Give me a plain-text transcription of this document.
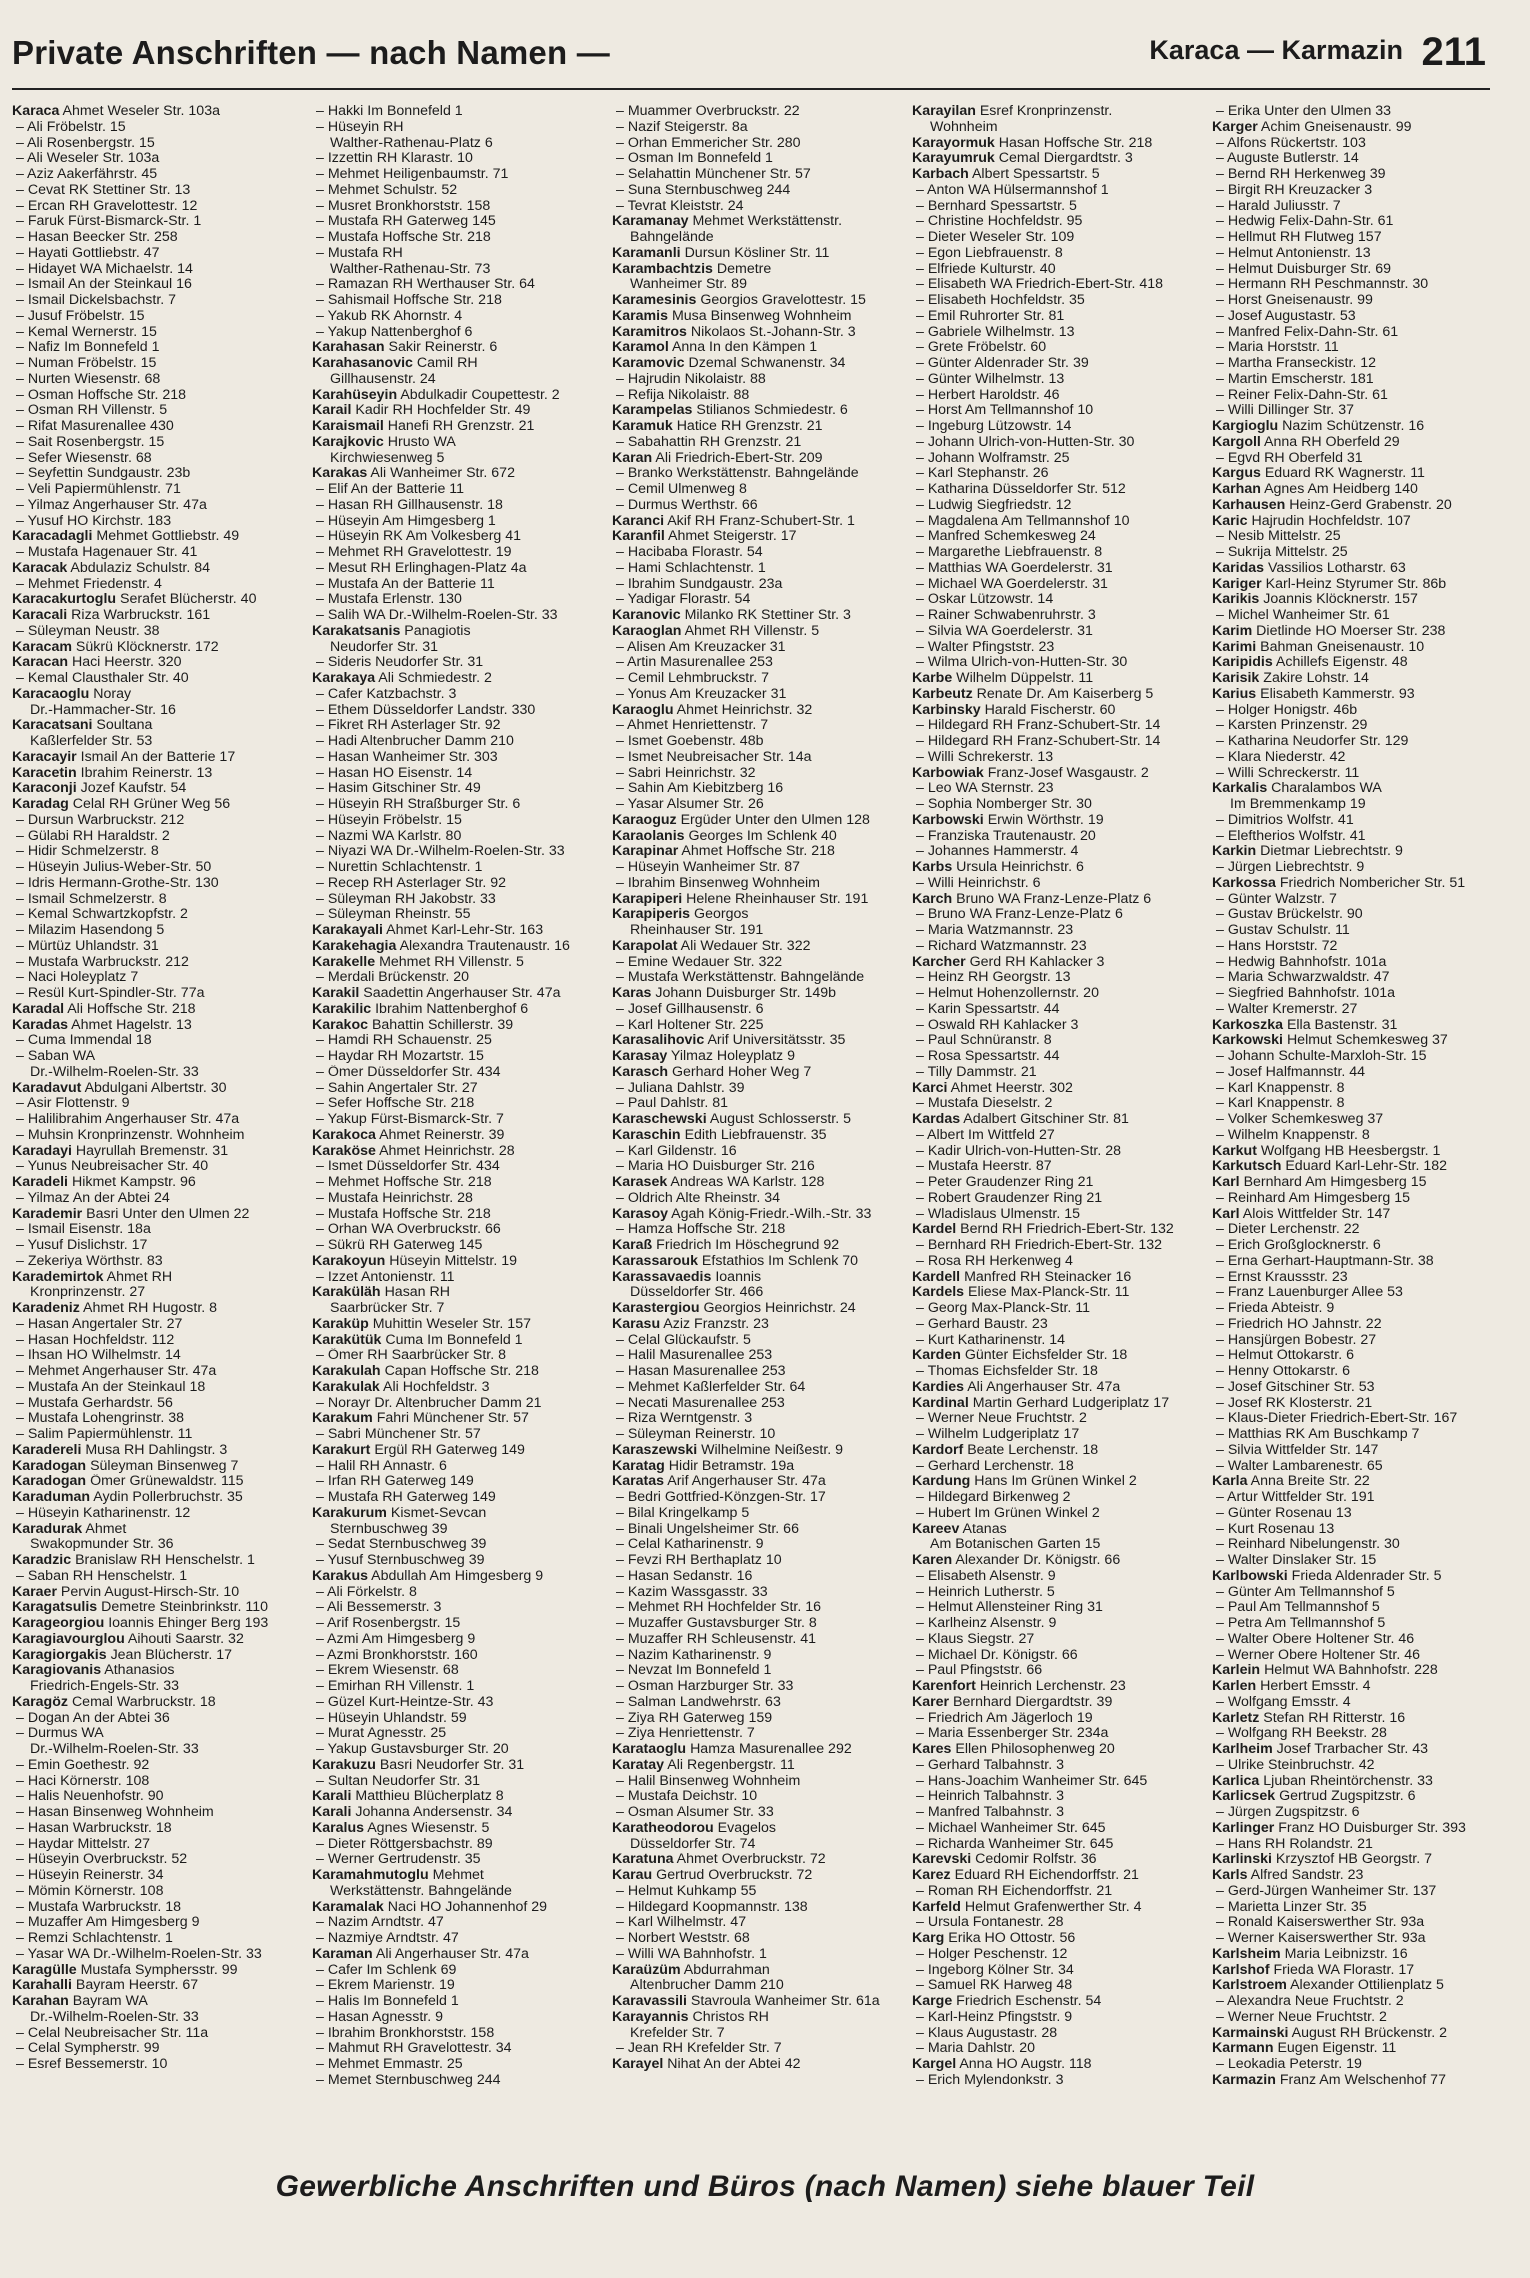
Private Anschriften — nach Namen —	Karaca — Karmazin 211
Karaca Ahmet Weseler Str. 103a
– Ali Fröbelstr. 15
– Ali Rosenbergstr. 15
– Ali Weseler Str. 103a
– Aziz Aakerfährstr. 45
– Cevat RK Stettiner Str. 13
– Ercan RH Gravelottestr. 12
– Faruk Fürst-Bismarck-Str. 1
– Hasan Beecker Str. 258
– Hayati Gottliebstr. 47
– Hidayet WA Michaelstr. 14
– Ismail An der Steinkaul 16
– Ismail Dickelsbachstr. 7
– Jusuf Fröbelstr. 15
– Kemal Wernerstr. 15
– Nafiz Im Bonnefeld 1
– Numan Fröbelstr. 15
– Nurten Wiesenstr. 68
– Osman Hoffsche Str. 218
– Osman RH Villenstr. 5
– Rifat Masurenallee 430
– Sait Rosenbergstr. 15
– Sefer Wiesenstr. 68
– Seyfettin Sundgaustr. 23b
– Veli Papiermühlenstr. 71
– Yilmaz Angerhauser Str. 47a
– Yusuf HO Kirchstr. 183
Karacadagli Mehmet Gottliebstr. 49
– Mustafa Hagenauer Str. 41
Karacak Abdulaziz Schulstr. 84
– Mehmet Friedenstr. 4
Karacakurtoglu Serafet Blücherstr. 40
Karacali Riza Warbruckstr. 161
– Süleyman Neustr. 38
Karacam Sükrü Klöcknerstr. 172
Karacan Haci Heerstr. 320
– Kemal Clausthaler Str. 40
Karacaoglu Noray
Dr.-Hammacher-Str. 16
Karacatsani Soultana
Kaßlerfelder Str. 53
Karacayir Ismail An der Batterie 17
Karacetin Ibrahim Reinerstr. 13
Karaconji Jozef Kaufstr. 54
Karadag Celal RH Grüner Weg 56
– Dursun Warbruckstr. 212
– Gülabi RH Haraldstr. 2
– Hidir Schmelzerstr. 8
– Hüseyin Julius-Weber-Str. 50
– Idris Hermann-Grothe-Str. 130
– Ismail Schmelzerstr. 8
– Kemal Schwartzkopfstr. 2
– Milazim Hasendong 5
– Mürtüz Uhlandstr. 31
– Mustafa Warbruckstr. 212
– Naci Holeyplatz 7
– Resül Kurt-Spindler-Str. 77a
Karadal Ali Hoffsche Str. 218
Karadas Ahmet Hagelstr. 13
– Cuma Immendal 18
– Saban WA
Dr.-Wilhelm-Roelen-Str. 33
Karadavut Abdulgani Albertstr. 30
– Asir Flottenstr. 9
– Halilibrahim Angerhauser Str. 47a
– Muhsin Kronprinzenstr. Wohnheim
Karadayi Hayrullah Bremenstr. 31
– Yunus Neubreisacher Str. 40
Karadeli Hikmet Kampstr. 96
– Yilmaz An der Abtei 24
Karademir Basri Unter den Ulmen 22
– Ismail Eisenstr. 18a
– Yusuf Dislichstr. 17
– Zekeriya Wörthstr. 83
Karademirtok Ahmet RH
Kronprinzenstr. 27
Karadeniz Ahmet RH Hugostr. 8
– Hasan Angertaler Str. 27
– Hasan Hochfeldstr. 112
– Ihsan HO Wilhelmstr. 14
– Mehmet Angerhauser Str. 47a
– Mustafa An der Steinkaul 18
– Mustafa Gerhardstr. 56
– Mustafa Lohengrinstr. 38
– Salim Papiermühlenstr. 11
Karadereli Musa RH Dahlingstr. 3
Karadogan Süleyman Binsenweg 7
Karadogan Ömer Grünewaldstr. 115
Karaduman Aydin Pollerbruchstr. 35
– Hüseyin Katharinenstr. 12
Karadurak Ahmet
Swakopmunder Str. 36
Karadzic Branislaw RH Henschelstr. 1
– Saban RH Henschelstr. 1
Karaer Pervin August-Hirsch-Str. 10
Karagatsulis Demetre Steinbrinkstr. 110
Karageorgiou Ioannis Ehinger Berg 193
Karagiavourglou Aihouti Saarstr. 32
Karagiorgakis Jean Blücherstr. 17
Karagiovanis Athanasios
Friedrich-Engels-Str. 33
Karagöz Cemal Warbruckstr. 18
– Dogan An der Abtei 36
– Durmus WA
Dr.-Wilhelm-Roelen-Str. 33
– Emin Goethestr. 92
– Haci Körnerstr. 108
– Halis Neuenhofstr. 90
– Hasan Binsenweg Wohnheim
– Hasan Warbruckstr. 18
– Haydar Mittelstr. 27
– Hüseyin Overbruckstr. 52
– Hüseyin Reinerstr. 34
– Mömin Körnerstr. 108
– Mustafa Warbruckstr. 18
– Muzaffer Am Himgesberg 9
– Remzi Schlachtenstr. 1
– Yasar WA Dr.-Wilhelm-Roelen-Str. 33
Karagülle Mustafa Symphersstr. 99
Karahalli Bayram Heerstr. 67
Karahan Bayram WA
Dr.-Wilhelm-Roelen-Str. 33
– Celal Neubreisacher Str. 11a
– Celal Sympherstr. 99
– Esref Bessemerstr. 10
– Hakki Im Bonnefeld 1
– Hüseyin RH
Walther-Rathenau-Platz 6
– Izzettin RH Klarastr. 10
– Mehmet Heiligenbaumstr. 71
– Mehmet Schulstr. 52
– Musret Bronkhorststr. 158
– Mustafa RH Gaterweg 145
– Mustafa Hoffsche Str. 218
– Mustafa RH
Walther-Rathenau-Str. 73
– Ramazan RH Werthauser Str. 64
– Sahismail Hoffsche Str. 218
– Yakub RK Ahornstr. 4
– Yakup Nattenberghof 6
Karahasan Sakir Reinerstr. 6
Karahasanovic Camil RH
Gillhausenstr. 24
Karahüseyin Abdulkadir Coupettestr. 2
Karail Kadir RH Hochfelder Str. 49
Karaismail Hanefi RH Grenzstr. 21
Karajkovic Hrusto WA
Kirchwiesenweg 5
Karakas Ali Wanheimer Str. 672
– Elif An der Batterie 11
– Hasan RH Gillhausenstr. 18
– Hüseyin Am Himgesberg 1
– Hüseyin RK Am Volkesberg 41
– Mehmet RH Gravelottestr. 19
– Mesut RH Erlinghagen-Platz 4a
– Mustafa An der Batterie 11
– Mustafa Erlenstr. 130
– Salih WA Dr.-Wilhelm-Roelen-Str. 33
Karakatsanis Panagiotis
Neudorfer Str. 31
– Sideris Neudorfer Str. 31
Karakaya Ali Schmiedestr. 2
– Cafer Katzbachstr. 3
– Ethem Düsseldorfer Landstr. 330
– Fikret RH Asterlager Str. 92
– Hadi Altenbrucher Damm 210
– Hasan Wanheimer Str. 303
– Hasan HO Eisenstr. 14
– Hasim Gitschiner Str. 49
– Hüseyin RH Straßburger Str. 6
– Hüseyin Fröbelstr. 15
– Nazmi WA Karlstr. 80
– Niyazi WA Dr.-Wilhelm-Roelen-Str. 33
– Nurettin Schlachtenstr. 1
– Recep RH Asterlager Str. 92
– Süleyman RH Jakobstr. 33
– Süleyman Rheinstr. 55
Karakayali Ahmet Karl-Lehr-Str. 163
Karakehagia Alexandra Trautenaustr. 16
Karakelle Mehmet RH Villenstr. 5
– Merdali Brückenstr. 20
Karakil Saadettin Angerhauser Str. 47a
Karakilic Ibrahim Nattenberghof 6
Karakoc Bahattin Schillerstr. 39
– Hamdi RH Schauenstr. 25
– Haydar RH Mozartstr. 15
– Ömer Düsseldorfer Str. 434
– Sahin Angertaler Str. 27
– Sefer Hoffsche Str. 218
– Yakup Fürst-Bismarck-Str. 7
Karakoca Ahmet Reinerstr. 39
Karaköse Ahmet Heinrichstr. 28
– Ismet Düsseldorfer Str. 434
– Mehmet Hoffsche Str. 218
– Mustafa Heinrichstr. 28
– Mustafa Hoffsche Str. 218
– Orhan WA Overbruckstr. 66
– Sükrü RH Gaterweg 145
Karakoyun Hüseyin Mittelstr. 19
– Izzet Antonienstr. 11
Karaküläh Hasan RH
Saarbrücker Str. 7
Karaküp Muhittin Weseler Str. 157
Karakütük Cuma Im Bonnefeld 1
– Ömer RH Saarbrücker Str. 8
Karakulah Capan Hoffsche Str. 218
Karakulak Ali Hochfeldstr. 3
– Norayr Dr. Altenbrucher Damm 21
Karakum Fahri Münchener Str. 57
– Sabri Münchener Str. 57
Karakurt Ergül RH Gaterweg 149
– Halil RH Annastr. 6
– Irfan RH Gaterweg 149
– Mustafa RH Gaterweg 149
Karakurum Kismet-Sevcan
Sternbuschweg 39
– Sedat Sternbuschweg 39
– Yusuf Sternbuschweg 39
Karakus Abdullah Am Himgesberg 9
– Ali Förkelstr. 8
– Ali Bessemerstr. 3
– Arif Rosenbergstr. 15
– Azmi Am Himgesberg 9
– Azmi Bronkhorststr. 160
– Ekrem Wiesenstr. 68
– Emirhan RH Villenstr. 1
– Güzel Kurt-Heintze-Str. 43
– Hüseyin Uhlandstr. 59
– Murat Agnesstr. 25
– Yakup Gustavsburger Str. 20
Karakuzu Basri Neudorfer Str. 31
– Sultan Neudorfer Str. 31
Karali Matthieu Blücherplatz 8
Karali Johanna Andersenstr. 34
Karalus Agnes Wiesenstr. 5
– Dieter Röttgersbachstr. 89
– Werner Gertrudenstr. 35
Karamahmutoglu Mehmet
Werkstättenstr. Bahngelände
Karamalak Naci HO Johannenhof 29
– Nazim Arndtstr. 47
– Nazmiye Arndtstr. 47
Karaman Ali Angerhauser Str. 47a
– Cafer Im Schlenk 69
– Ekrem Marienstr. 19
– Halis Im Bonnefeld 1
– Hasan Agnesstr. 9
– Ibrahim Bronkhorststr. 158
– Mahmut RH Gravelottestr. 34
– Mehmet Emmastr. 25
– Memet Sternbuschweg 244
– Muammer Overbruckstr. 22
– Nazif Steigerstr. 8a
– Orhan Emmericher Str. 280
– Osman Im Bonnefeld 1
– Selahattin Münchener Str. 57
– Suna Sternbuschweg 244
– Tevrat Kleiststr. 24
Karamanay Mehmet Werkstättenstr.
Bahngelände
Karamanli Dursun Kösliner Str. 11
Karambachtzis Demetre
Wanheimer Str. 89
Karamesinis Georgios Gravelottestr. 15
Karamis Musa Binsenweg Wohnheim
Karamitros Nikolaos St.-Johann-Str. 3
Karamol Anna In den Kämpen 1
Karamovic Dzemal Schwanenstr. 34
– Hajrudin Nikolaistr. 88
– Refija Nikolaistr. 88
Karampelas Stilianos Schmiedestr. 6
Karamuk Hatice RH Grenzstr. 21
– Sabahattin RH Grenzstr. 21
Karan Ali Friedrich-Ebert-Str. 209
– Branko Werkstättenstr. Bahngelände
– Cemil Ulmenweg 8
– Durmus Werthstr. 66
Karanci Akif RH Franz-Schubert-Str. 1
Karanfil Ahmet Steigerstr. 17
– Hacibaba Florastr. 54
– Hami Schlachtenstr. 1
– Ibrahim Sundgaustr. 23a
– Yadigar Florastr. 54
Karanovic Milanko RK Stettiner Str. 3
Karaoglan Ahmet RH Villenstr. 5
– Alisen Am Kreuzacker 31
– Artin Masurenallee 253
– Cemil Lehmbruckstr. 7
– Yonus Am Kreuzacker 31
Karaoglu Ahmet Heinrichstr. 32
– Ahmet Henriettenstr. 7
– Ismet Goebenstr. 48b
– Ismet Neubreisacher Str. 14a
– Sabri Heinrichstr. 32
– Sahin Am Kiebitzberg 16
– Yasar Alsumer Str. 26
Karaoguz Ergüder Unter den Ulmen 128
Karaolanis Georges Im Schlenk 40
Karapinar Ahmet Hoffsche Str. 218
– Hüseyin Wanheimer Str. 87
– Ibrahim Binsenweg Wohnheim
Karapiperi Helene Rheinhauser Str. 191
Karapiperis Georgos
Rheinhauser Str. 191
Karapolat Ali Wedauer Str. 322
– Emine Wedauer Str. 322
– Mustafa Werkstättenstr. Bahngelände
Karas Johann Duisburger Str. 149b
– Josef Gillhausenstr. 6
– Karl Holtener Str. 225
Karasalihovic Arif Universitätsstr. 35
Karasay Yilmaz Holeyplatz 9
Karasch Gerhard Hoher Weg 7
– Juliana Dahlstr. 39
– Paul Dahlstr. 81
Karaschewski August Schlosserstr. 5
Karaschin Edith Liebfrauenstr. 35
– Karl Gildenstr. 16
– Maria HO Duisburger Str. 216
Karasek Andreas WA Karlstr. 128
– Oldrich Alte Rheinstr. 34
Karasoy Agah König-Friedr.-Wilh.-Str. 33
– Hamza Hoffsche Str. 218
Karaß Friedrich Im Höschegrund 92
Karassarouk Efstathios Im Schlenk 70
Karassavaedis Ioannis
Düsseldorfer Str. 466
Karastergiou Georgios Heinrichstr. 24
Karasu Aziz Franzstr. 23
– Celal Glückaufstr. 5
– Halil Masurenallee 253
– Hasan Masurenallee 253
– Mehmet Kaßlerfelder Str. 64
– Necati Masurenallee 253
– Riza Werntgenstr. 3
– Süleyman Reinerstr. 10
Karaszewski Wilhelmine Neißestr. 9
Karatag Hidir Betramstr. 19a
Karatas Arif Angerhauser Str. 47a
– Bedri Gottfried-Könzgen-Str. 17
– Bilal Kringelkamp 5
– Binali Ungelsheimer Str. 66
– Celal Katharinenstr. 9
– Fevzi RH Berthaplatz 10
– Hasan Sedanstr. 16
– Kazim Wassgasstr. 33
– Mehmet RH Hochfelder Str. 16
– Muzaffer Gustavsburger Str. 8
– Muzaffer RH Schleusenstr. 41
– Nazim Katharinenstr. 9
– Nevzat Im Bonnefeld 1
– Osman Harzburger Str. 33
– Salman Landwehrstr. 63
– Ziya RH Gaterweg 159
– Ziya Henriettenstr. 7
Karataoglu Hamza Masurenallee 292
Karatay Ali Regenbergstr. 11
– Halil Binsenweg Wohnheim
– Mustafa Deichstr. 10
– Osman Alsumer Str. 33
Karatheodorou Evagelos
Düsseldorfer Str. 74
Karatuna Ahmet Overbruckstr. 72
Karau Gertrud Overbruckstr. 72
– Helmut Kuhkamp 55
– Hildegard Koopmannstr. 138
– Karl Wilhelmstr. 47
– Norbert Weststr. 68
– Willi WA Bahnhofstr. 1
Karaüzüm Abdurrahman
Altenbrucher Damm 210
Karavassili Stavroula Wanheimer Str. 61a
Karayannis Christos RH
Krefelder Str. 7
– Jean RH Krefelder Str. 7
Karayel Nihat An der Abtei 42
Karayilan Esref Kronprinzenstr.
Wohnheim
Karayormuk Hasan Hoffsche Str. 218
Karayumruk Cemal Diergardtstr. 3
Karbach Albert Spessartstr. 5
– Anton WA Hülsermannshof 1
– Bernhard Spessartstr. 5
– Christine Hochfeldstr. 95
– Dieter Weseler Str. 109
– Egon Liebfrauenstr. 8
– Elfriede Kulturstr. 40
– Elisabeth WA Friedrich-Ebert-Str. 418
– Elisabeth Hochfeldstr. 35
– Emil Ruhrorter Str. 81
– Gabriele Wilhelmstr. 13
– Grete Fröbelstr. 60
– Günter Aldenrader Str. 39
– Günter Wilhelmstr. 13
– Herbert Haroldstr. 46
– Horst Am Tellmannshof 10
– Ingeburg Lützowstr. 14
– Johann Ulrich-von-Hutten-Str. 30
– Johann Wolframstr. 25
– Karl Stephanstr. 26
– Katharina Düsseldorfer Str. 512
– Ludwig Siegfriedstr. 12
– Magdalena Am Tellmannshof 10
– Manfred Schemkesweg 24
– Margarethe Liebfrauenstr. 8
– Matthias WA Goerdelerstr. 31
– Michael WA Goerdelerstr. 31
– Oskar Lützowstr. 14
– Rainer Schwabenruhrstr. 3
– Silvia WA Goerdelerstr. 31
– Walter Pfingststr. 23
– Wilma Ulrich-von-Hutten-Str. 30
Karbe Wilhelm Düppelstr. 11
Karbeutz Renate Dr. Am Kaiserberg 5
Karbinsky Harald Fischerstr. 60
– Hildegard RH Franz-Schubert-Str. 14
– Hildegard RH Franz-Schubert-Str. 14
– Willi Schrekerstr. 13
Karbowiak Franz-Josef Wasgaustr. 2
– Leo WA Sternstr. 23
– Sophia Nomberger Str. 30
Karbowski Erwin Wörthstr. 19
– Franziska Trautenaustr. 20
– Johannes Hammerstr. 4
Karbs Ursula Heinrichstr. 6
– Willi Heinrichstr. 6
Karch Bruno WA Franz-Lenze-Platz 6
– Bruno WA Franz-Lenze-Platz 6
– Maria Watzmannstr. 23
– Richard Watzmannstr. 23
Karcher Gerd RH Kahlacker 3
– Heinz RH Georgstr. 13
– Helmut Hohenzollernstr. 20
– Karin Spessartstr. 44
– Oswald RH Kahlacker 3
– Paul Schnüranstr. 8
– Rosa Spessartstr. 44
– Tilly Dammstr. 21
Karci Ahmet Heerstr. 302
– Mustafa Dieselstr. 2
Kardas Adalbert Gitschiner Str. 81
– Albert Im Wittfeld 27
– Kadir Ulrich-von-Hutten-Str. 28
– Mustafa Heerstr. 87
– Peter Graudenzer Ring 21
– Robert Graudenzer Ring 21
– Wladislaus Ulmenstr. 15
Kardel Bernd RH Friedrich-Ebert-Str. 132
– Bernhard RH Friedrich-Ebert-Str. 132
– Rosa RH Herkenweg 4
Kardell Manfred RH Steinacker 16
Kardels Eliese Max-Planck-Str. 11
– Georg Max-Planck-Str. 11
– Gerhard Baustr. 23
– Kurt Katharinenstr. 14
Karden Günter Eichsfelder Str. 18
– Thomas Eichsfelder Str. 18
Kardies Ali Angerhauser Str. 47a
Kardinal Martin Gerhard Ludgeriplatz 17
– Werner Neue Fruchtstr. 2
– Wilhelm Ludgeriplatz 17
Kardorf Beate Lerchenstr. 18
– Gerhard Lerchenstr. 18
Kardung Hans Im Grünen Winkel 2
– Hildegard Birkenweg 2
– Hubert Im Grünen Winkel 2
Kareev Atanas
Am Botanischen Garten 15
Karen Alexander Dr. Königstr. 66
– Elisabeth Alsenstr. 9
– Heinrich Lutherstr. 5
– Helmut Allensteiner Ring 31
– Karlheinz Alsenstr. 9
– Klaus Siegstr. 27
– Michael Dr. Königstr. 66
– Paul Pfingststr. 66
Karenfort Heinrich Lerchenstr. 23
Karer Bernhard Diergardtstr. 39
– Friedrich Am Jägerloch 19
– Maria Essenberger Str. 234a
Kares Ellen Philosophenweg 20
– Gerhard Talbahnstr. 3
– Hans-Joachim Wanheimer Str. 645
– Heinrich Talbahnstr. 3
– Manfred Talbahnstr. 3
– Michael Wanheimer Str. 645
– Richarda Wanheimer Str. 645
Karevski Cedomir Rolfstr. 36
Karez Eduard RH Eichendorffstr. 21
– Roman RH Eichendorffstr. 21
Karfeld Helmut Grafenwerther Str. 4
– Ursula Fontanestr. 28
Karg Erika HO Ottostr. 56
– Holger Peschenstr. 12
– Ingeborg Kölner Str. 34
– Samuel RK Harweg 48
Karge Friedrich Eschenstr. 54
– Karl-Heinz Pfingststr. 9
– Klaus Augustastr. 28
– Maria Dahlstr. 20
Kargel Anna HO Augstr. 118
– Erich Mylendonkstr. 3
– Erika Unter den Ulmen 33
Karger Achim Gneisenaustr. 99
– Alfons Rückertstr. 103
– Auguste Butlerstr. 14
– Bernd RH Herkenweg 39
– Birgit RH Kreuzacker 3
– Harald Juliusstr. 7
– Hedwig Felix-Dahn-Str. 61
– Hellmut RH Flutweg 157
– Helmut Antonienstr. 13
– Helmut Duisburger Str. 69
– Hermann RH Peschmannstr. 30
– Horst Gneisenaustr. 99
– Josef Augustastr. 53
– Manfred Felix-Dahn-Str. 61
– Maria Horststr. 11
– Martha Franseckistr. 12
– Martin Emscherstr. 181
– Reiner Felix-Dahn-Str. 61
– Willi Dillinger Str. 37
Kargioglu Nazim Schützenstr. 16
Kargoll Anna RH Oberfeld 29
– Egvd RH Oberfeld 31
Kargus Eduard RK Wagnerstr. 11
Karhan Agnes Am Heidberg 140
Karhausen Heinz-Gerd Grabenstr. 20
Karic Hajrudin Hochfeldstr. 107
– Nesib Mittelstr. 25
– Sukrija Mittelstr. 25
Karidas Vassilios Lotharstr. 63
Kariger Karl-Heinz Styrumer Str. 86b
Karikis Joannis Klöcknerstr. 157
– Michel Wanheimer Str. 61
Karim Dietlinde HO Moerser Str. 238
Karimi Bahman Gneisenaustr. 10
Karipidis Achillefs Eigenstr. 48
Karisik Zakire Lohstr. 14
Karius Elisabeth Kammerstr. 93
– Holger Honigstr. 46b
– Karsten Prinzenstr. 29
– Katharina Neudorfer Str. 129
– Klara Niederstr. 42
– Willi Schreckerstr. 11
Karkalis Charalambos WA
Im Bremmenkamp 19
– Dimitrios Wolfstr. 41
– Eleftherios Wolfstr. 41
Karkin Dietmar Liebrechtstr. 9
– Jürgen Liebrechtstr. 9
Karkossa Friedrich Nombericher Str. 51
– Günter Walzstr. 7
– Gustav Brückelstr. 90
– Gustav Schulstr. 11
– Hans Horststr. 72
– Hedwig Bahnhofstr. 101a
– Maria Schwarzwaldstr. 47
– Siegfried Bahnhofstr. 101a
– Walter Kremerstr. 27
Karkoszka Ella Bastenstr. 31
Karkowski Helmut Schemkesweg 37
– Johann Schulte-Marxloh-Str. 15
– Josef Halfmannstr. 44
– Karl Knappenstr. 8
– Karl Knappenstr. 8
– Volker Schemkesweg 37
– Wilhelm Knappenstr. 8
Karkut Wolfgang HB Heesbergstr. 1
Karkutsch Eduard Karl-Lehr-Str. 182
Karl Bernhard Am Himgesberg 15
– Reinhard Am Himgesberg 15
Karl Alois Wittfelder Str. 147
– Dieter Lerchenstr. 22
– Erich Großglocknerstr. 6
– Erna Gerhart-Hauptmann-Str. 38
– Ernst Kraussstr. 23
– Franz Lauenburger Allee 53
– Frieda Abteistr. 9
– Friedrich HO Jahnstr. 22
– Hansjürgen Bobestr. 27
– Helmut Ottokarstr. 6
– Henny Ottokarstr. 6
– Josef Gitschiner Str. 53
– Josef RK Klosterstr. 21
– Klaus-Dieter Friedrich-Ebert-Str. 167
– Matthias RK Am Buschkamp 7
– Silvia Wittfelder Str. 147
– Walter Lambarenestr. 65
Karla Anna Breite Str. 22
– Artur Wittfelder Str. 191
– Günter Rosenau 13
– Kurt Rosenau 13
– Reinhard Nibelungenstr. 30
– Walter Dinslaker Str. 15
Karlbowski Frieda Aldenrader Str. 5
– Günter Am Tellmannshof 5
– Paul Am Tellmannshof 5
– Petra Am Tellmannshof 5
– Walter Obere Holtener Str. 46
– Werner Obere Holtener Str. 46
Karlein Helmut WA Bahnhofstr. 228
Karlen Herbert Emsstr. 4
– Wolfgang Emsstr. 4
Karletz Stefan RH Ritterstr. 16
– Wolfgang RH Beekstr. 28
Karlheim Josef Trarbacher Str. 43
– Ulrike Steinbruchstr. 42
Karlica Ljuban Rheintörchenstr. 33
Karlicsek Gertrud Zugspitzstr. 6
– Jürgen Zugspitzstr. 6
Karlinger Franz HO Duisburger Str. 393
– Hans RH Rolandstr. 21
Karlinski Krzysztof HB Georgstr. 7
Karls Alfred Sandstr. 23
– Gerd-Jürgen Wanheimer Str. 137
– Marietta Linzer Str. 35
– Ronald Kaiserswerther Str. 93a
– Werner Kaiserswerther Str. 93a
Karlsheim Maria Leibnizstr. 16
Karlshof Frieda WA Florastr. 17
Karlstroem Alexander Ottilienplatz 5
– Alexandra Neue Fruchtstr. 2
– Werner Neue Fruchtstr. 2
Karmainski August RH Brückenstr. 2
Karmann Eugen Eigenstr. 11
– Leokadia Peterstr. 19
Karmazin Franz Am Welschenhof 77
Gewerbliche Anschriften und Büros (nach Namen) siehe blauer Teil
